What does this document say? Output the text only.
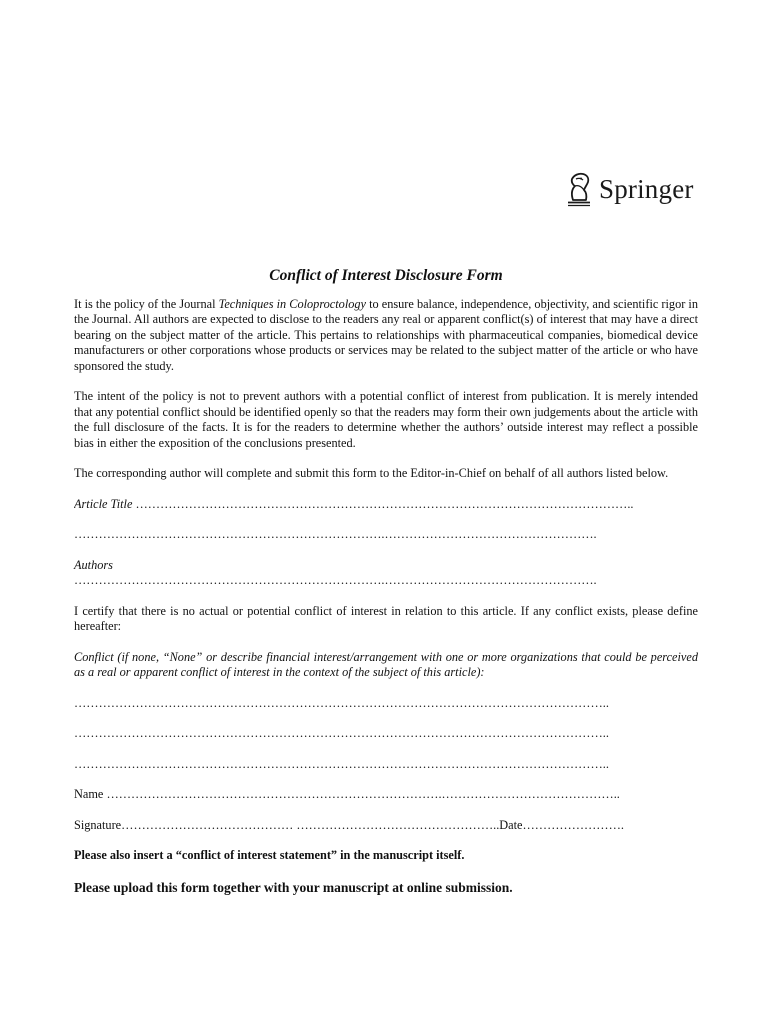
Springer
Conflict of Interest Disclosure Form

It is the policy of the Journal Techniques in Coloproctology to ensure balance, independence, objectivity, and scientific rigor in the Journal. All authors are expected to disclose to the readers any real or apparent conflict(s) of interest that may have a direct bearing on the subject matter of the article. This pertains to relationships with pharmaceutical companies, biomedical device manufacturers or other corporations whose products or services may be related to the subject matter of the article or who have sponsored the study.

The intent of the policy is not to prevent authors with a potential conflict of interest from publication. It is merely intended that any potential conflict should be identified openly so that the readers may form their own judgements about the article with the full disclosure of the facts. It is for the readers to determine whether the authors’ outside interest may reflect a possible bias in either the exposition of the conclusions presented.

The corresponding author will complete and submit this form to the Editor-in-Chief on behalf of all authors listed below.

Article Title …………………………………………………………………………………………………………..
………………………………………………………………….…………………………………………….
Authors
………………………………………………………………….…………………………………………….

I certify that there is no actual or potential conflict of interest in relation to this article. If any conflict exists, please define hereafter:

Conflict (if none, “None” or describe financial interest/arrangement with one or more organizations that could be perceived as a real or apparent conflict of interest in the context of the subject of this article):

…………………………………………………………………………………………………………………..
…………………………………………………………………………………………………………………..
…………………………………………………………………………………………………………………..
Name ……………………………………………………………………….……………………………………..
Signature …………………………………… ………………………………………….. Date …………………….
Please also insert a “conflict of interest statement” in the manuscript itself.
Please upload this form together with your manuscript at online submission.
